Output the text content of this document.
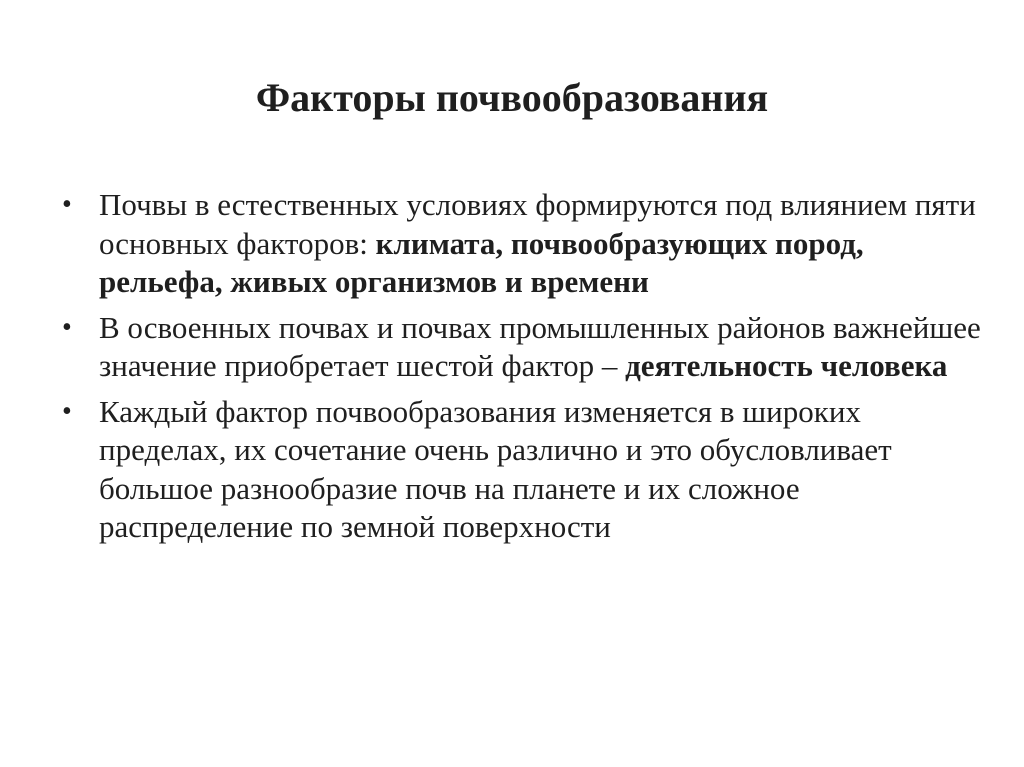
Факторы почвообразования
• Почвы в естественных условиях формируются под влиянием пяти основных факторов: климата, почвообразующих пород, рельефа, живых организмов и времени
• В освоенных почвах и почвах промышленных районов важнейшее значение приобретает шестой фактор – деятельность человека
• Каждый фактор почвообразования изменяется в широких пределах, их сочетание очень различно и это обусловливает большое разнообразие почв на планете и их сложное распределение по земной поверхности
